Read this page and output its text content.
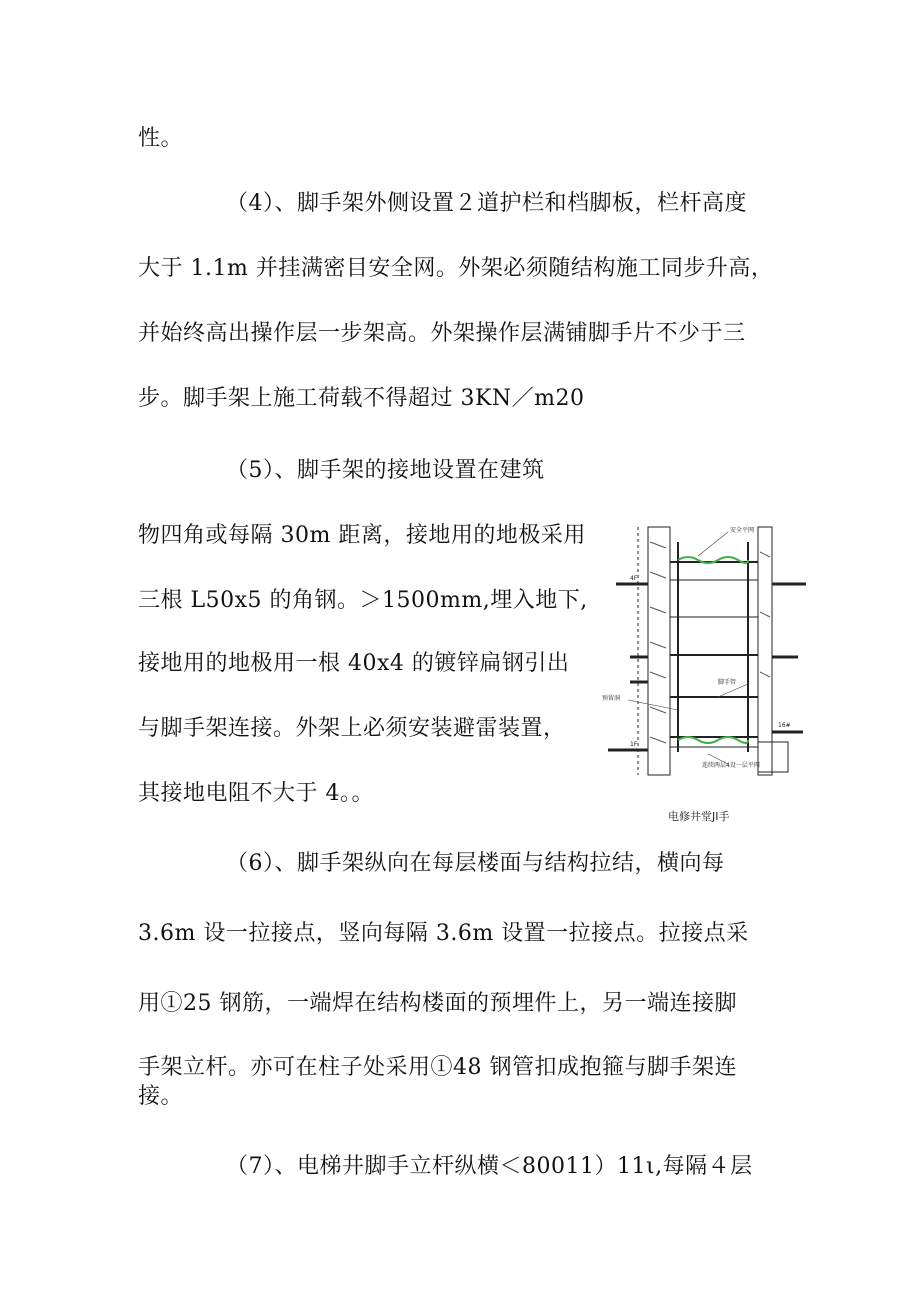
性。
（4）、脚手架外侧设置２道护栏和档脚板，栏杆高度
大于 1.1m 并挂满密目安全网。外架必须随结构施工同步升高，
并始终高出操作层一步架高。外架操作层满铺脚手片不少于三
步。脚手架上施工荷载不得超过 3KN／m20
（5）、脚手架的接地设置在建筑
物四角或每隔 30m 距离，接地用的地极采用
三根 L50x5 的角钢。＞1500mm,埋入地下,
接地用的地极用一根 40x4 的镀锌扁钢引出
与脚手架连接。外架上必须安装避雷装置，
其接地电阻不大于 4。。
（6）、脚手架纵向在每层楼面与结构拉结，横向每
3.6m 设一拉接点，竖向每隔 3.6m 设置一拉接点。拉接点采
用①25 钢筋，一端焊在结构楼面的预埋件上，另一端连接脚
手架立杆。亦可在柱子处采用①48 钢管扣成抱箍与脚手架连
接。
（7）、电梯井脚手立杆纵横＜80011）11ι,每隔４层
安全平网
脚手管
预留洞
连续两层4设一层平网
4F
1F
16#
电修井堂JI手
